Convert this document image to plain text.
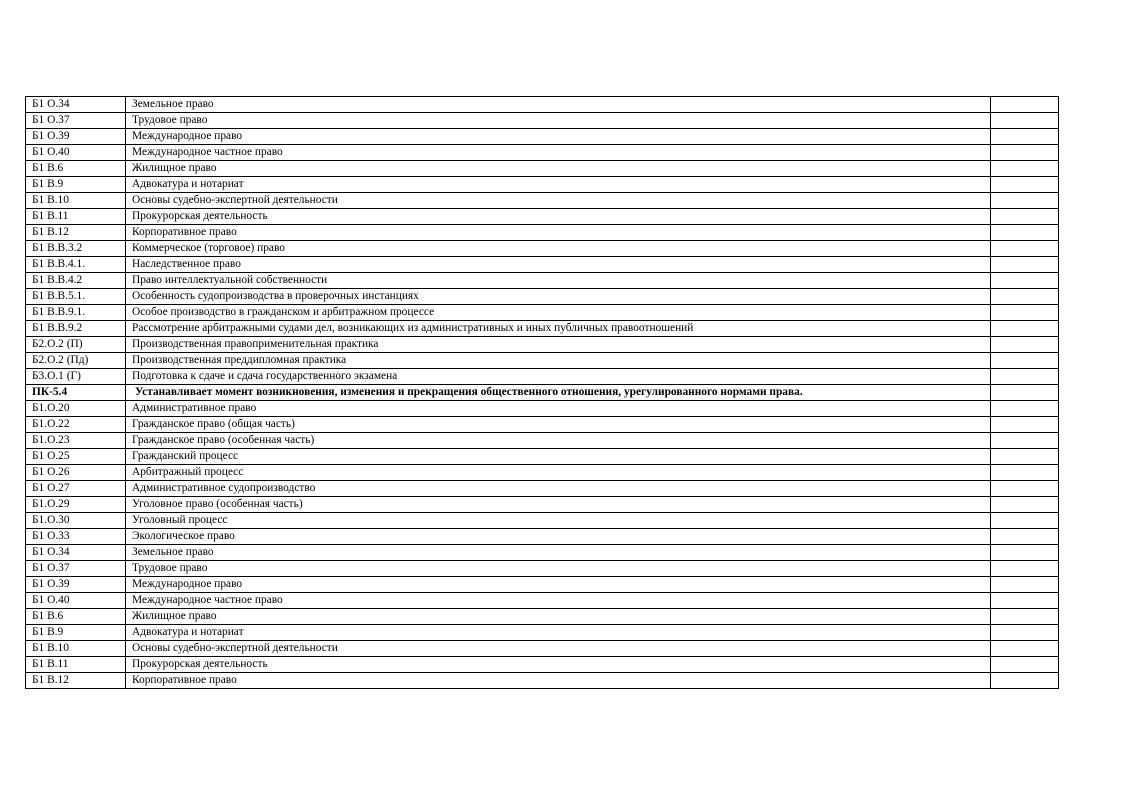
Б1 О.34	Земельное право	
Б1 О.37	Трудовое право	
Б1 О.39	Международное право	
Б1 О.40	Международное частное право	
Б1 В.6	Жилищное право	
Б1 В.9	Адвокатура и нотариат	
Б1 В.10	Основы судебно-экспертной деятельности	
Б1 В.11	Прокурорская деятельность	
Б1 В.12	Корпоративное право	
Б1 В.В.3.2	Коммерческое (торговое) право	
Б1 В.В.4.1.	Наследственное право	
Б1 В.В.4.2	Право интеллектуальной собственности	
Б1 В.В.5.1.	Особенность судопроизводства в проверочных инстанциях	
Б1 В.В.9.1.	Особое производство в гражданском и арбитражном процессе	
Б1 В.В.9.2	Рассмотрение арбитражными судами дел, возникающих из административных и иных публичных правоотношений	
Б2.О.2 (П)	Производственная правоприменительная практика	
Б2.О.2 (Пд)	Производственная преддипломная практика	
Б3.О.1 (Г)	Подготовка к сдаче и сдача государственного экзамена	
ПК-5.4	Устанавливает момент возникновения, изменения и прекращения общественного отношения, урегулированного нормами права.	
Б1.О.20	Административное право	
Б1.О.22	Гражданское право (общая часть)	
Б1.О.23	Гражданское право (особенная часть)	
Б1 О.25	Гражданский процесс	
Б1 О.26	Арбитражный процесс	
Б1 О.27	Административное судопроизводство	
Б1.О.29	Уголовное право (особенная часть)	
Б1.О.30	Уголовный процесс	
Б1 О.33	Экологическое право	
Б1 О.34	Земельное право	
Б1 О.37	Трудовое право	
Б1 О.39	Международное право	
Б1 О.40	Международное частное право	
Б1 В.6	Жилищное право	
Б1 В.9	Адвокатура и нотариат	
Б1 В.10	Основы судебно-экспертной деятельности	
Б1 В.11	Прокурорская деятельность	
Б1 В.12	Корпоративное право	
